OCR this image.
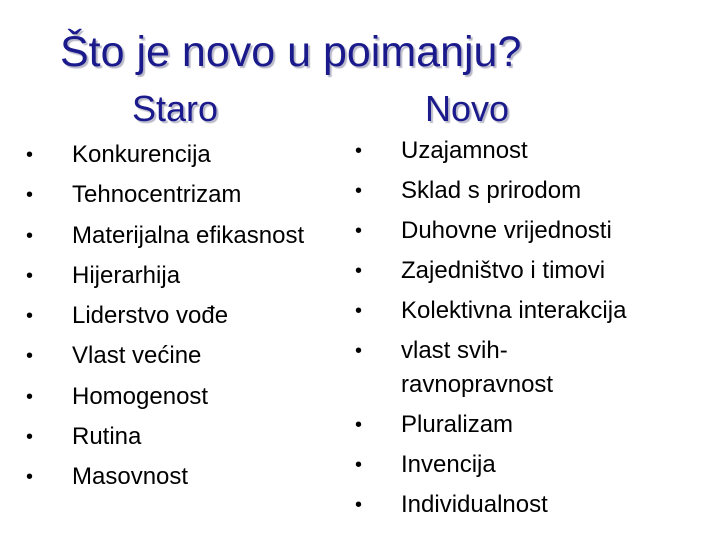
Što je novo u poimanju?
Staro	Novo
• Konkurencija
• Tehnocentrizam
• Materijalna efikasnost
• Hijerarhija
• Liderstvo vođe
• Vlast većine
• Homogenost
• Rutina
• Masovnost
• Uzajamnost
• Sklad s prirodom
• Duhovne vrijednosti
• Zajedništvo i timovi
• Kolektivna interakcija
• vlast svih-
ravnopravnost
• Pluralizam
• Invencija
• Individualnost
